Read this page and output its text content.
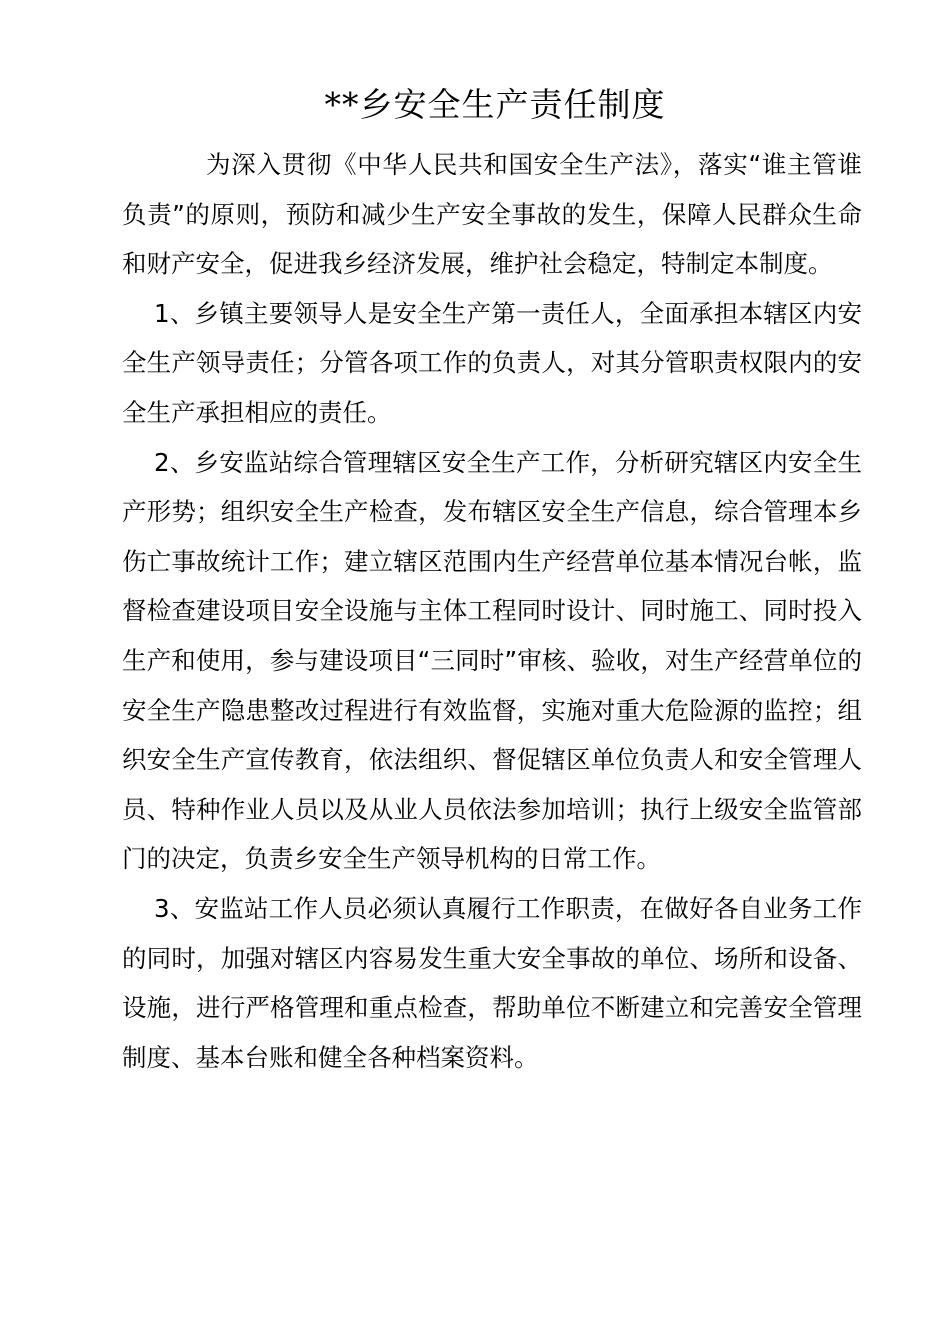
**乡安全生产责任制度

为深入贯彻《中华人民共和国安全生产法》，落实“谁主管谁负责”的原则，预防和减少生产安全事故的发生，保障人民群众生命和财产安全，促进我乡经济发展，维护社会稳定，特制定本制度。

1、乡镇主要领导人是安全生产第一责任人，全面承担本辖区内安全生产领导责任；分管各项工作的负责人，对其分管职责权限内的安全生产承担相应的责任。

2、乡安监站综合管理辖区安全生产工作，分析研究辖区内安全生产形势；组织安全生产检查，发布辖区安全生产信息，综合管理本乡伤亡事故统计工作；建立辖区范围内生产经营单位基本情况台帐，监督检查建设项目安全设施与主体工程同时设计、同时施工、同时投入生产和使用，参与建设项目“三同时”审核、验收，对生产经营单位的安全生产隐患整改过程进行有效监督，实施对重大危险源的监控；组织安全生产宣传教育，依法组织、督促辖区单位负责人和安全管理人员、特种作业人员以及从业人员依法参加培训；执行上级安全监管部门的决定，负责乡安全生产领导机构的日常工作。

3、安监站工作人员必须认真履行工作职责，在做好各自业务工作的同时，加强对辖区内容易发生重大安全事故的单位、场所和设备、设施，进行严格管理和重点检查，帮助单位不断建立和完善安全管理制度、基本台账和健全各种档案资料。
